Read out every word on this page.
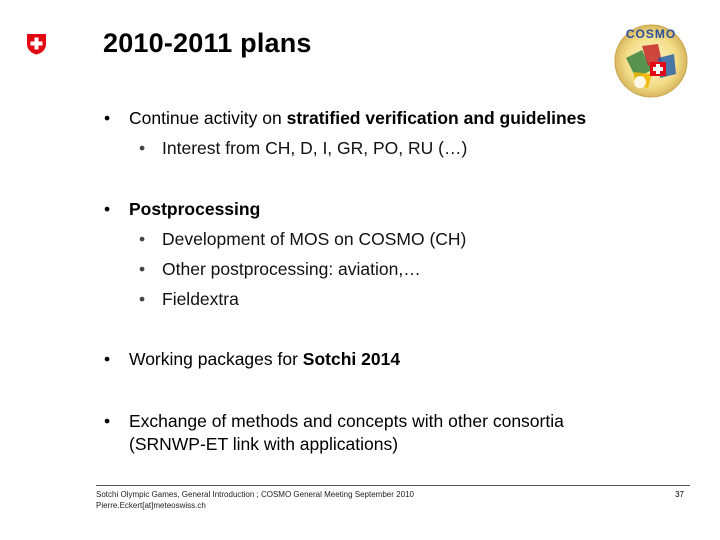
2010-2011 plans	COSMO
• Continue activity on stratified verification and guidelines
• Interest from CH, D, I, GR, PO, RU (…)
• Postprocessing
• Development of MOS on COSMO (CH)
• Other postprocessing: aviation,…
• Fieldextra
• Working packages for Sotchi 2014
• Exchange of methods and concepts with other consortia
(SRNWP-ET link with applications)
Sotchi Olympic Games, General Introduction ; COSMO General Meeting September 2010
Pierre.Eckert[at]meteoswiss.ch
37
